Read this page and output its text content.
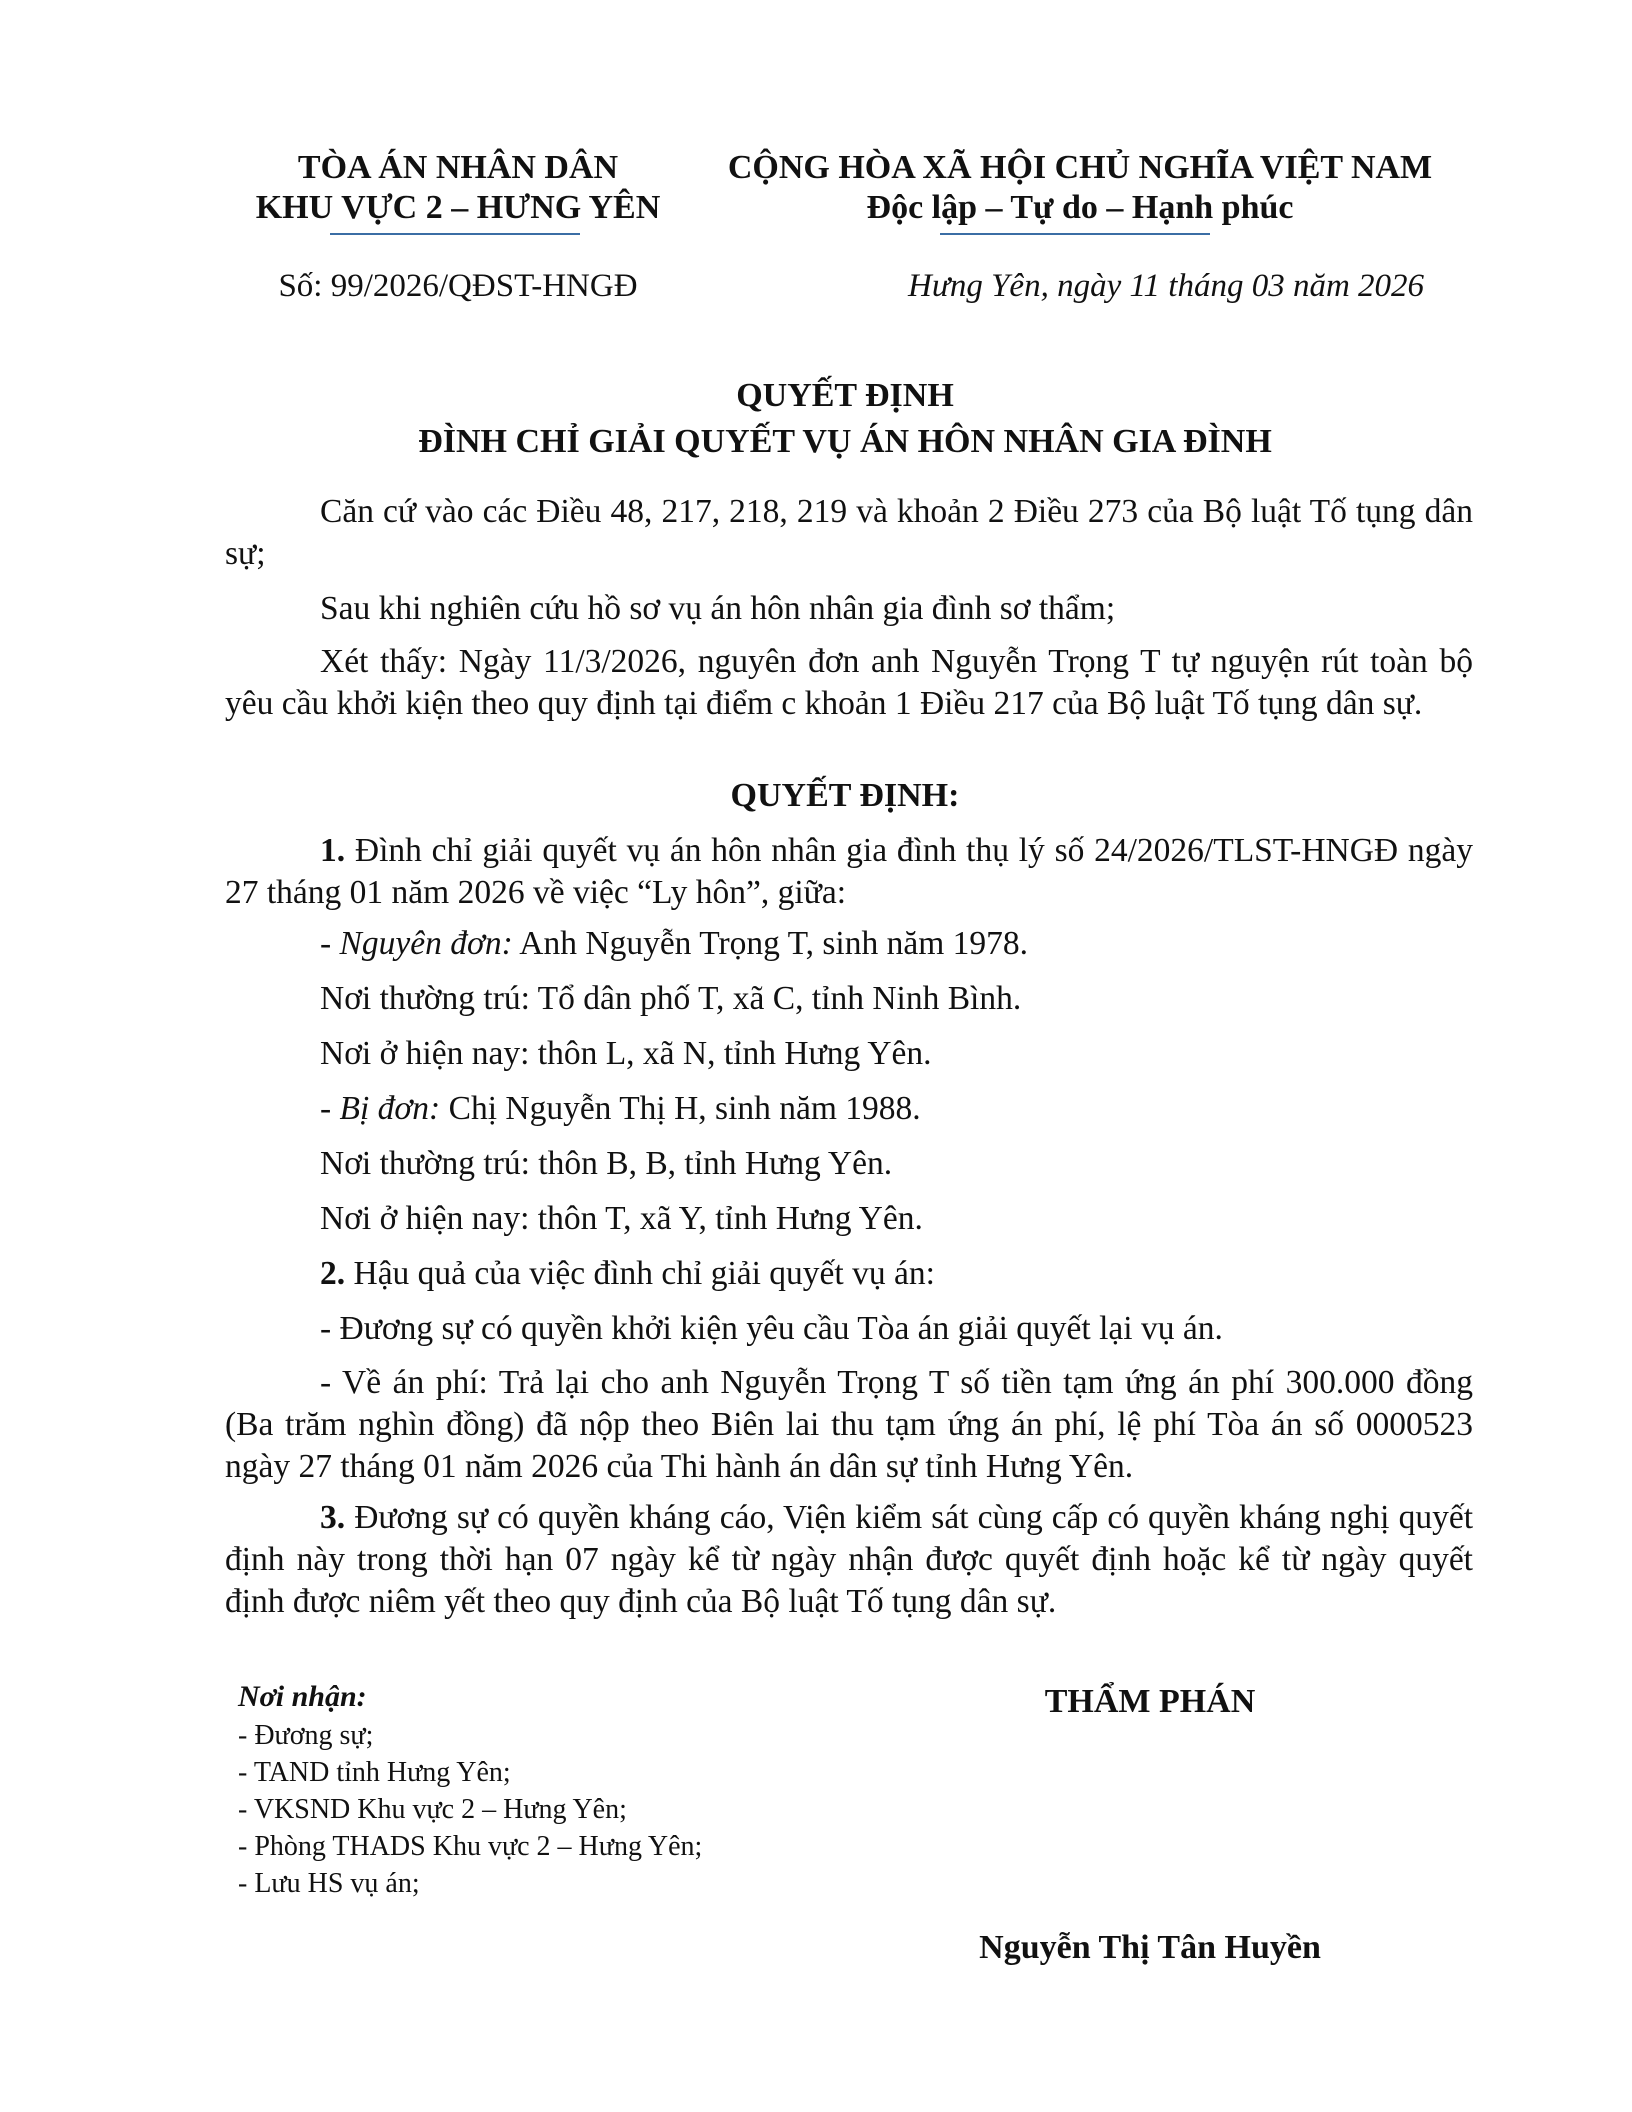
TÒA ÁN NHÂN DÂN
KHU VỰC 2 – HƯNG YÊN
CỘNG HÒA XÃ HỘI CHỦ NGHĨA VIỆT NAM
Độc lập – Tự do – Hạnh phúc
Số: 99/2026/QĐST-HNGĐ	Hưng Yên, ngày 11 tháng 03 năm 2026
QUYẾT ĐỊNH
ĐÌNH CHỈ GIẢI QUYẾT VỤ ÁN HÔN NHÂN GIA ĐÌNH
Căn cứ vào các Điều 48, 217, 218, 219 và khoản 2 Điều 273 của Bộ luật Tố tụng dân sự;
Sau khi nghiên cứu hồ sơ vụ án hôn nhân gia đình sơ thẩm;
Xét thấy: Ngày 11/3/2026, nguyên đơn anh Nguyễn Trọng T tự nguyện rút toàn bộ yêu cầu khởi kiện theo quy định tại điểm c khoản 1 Điều 217 của Bộ luật Tố tụng dân sự.
QUYẾT ĐỊNH:
1. Đình chỉ giải quyết vụ án hôn nhân gia đình thụ lý số 24/2026/TLST-HNGĐ ngày 27 tháng 01 năm 2026 về việc “Ly hôn”, giữa:
- Nguyên đơn: Anh Nguyễn Trọng T, sinh năm 1978.
Nơi thường trú: Tổ dân phố T, xã C, tỉnh Ninh Bình.
Nơi ở hiện nay: thôn L, xã N, tỉnh Hưng Yên.
- Bị đơn: Chị Nguyễn Thị H, sinh năm 1988.
Nơi thường trú: thôn B, B, tỉnh Hưng Yên.
Nơi ở hiện nay: thôn T, xã Y, tỉnh Hưng Yên.
2. Hậu quả của việc đình chỉ giải quyết vụ án:
- Đương sự có quyền khởi kiện yêu cầu Tòa án giải quyết lại vụ án.
- Về án phí: Trả lại cho anh Nguyễn Trọng T số tiền tạm ứng án phí 300.000 đồng (Ba trăm nghìn đồng) đã nộp theo Biên lai thu tạm ứng án phí, lệ phí Tòa án số 0000523 ngày 27 tháng 01 năm 2026 của Thi hành án dân sự tỉnh Hưng Yên.
3. Đương sự có quyền kháng cáo, Viện kiểm sát cùng cấp có quyền kháng nghị quyết định này trong thời hạn 07 ngày kể từ ngày nhận được quyết định hoặc kể từ ngày quyết định được niêm yết theo quy định của Bộ luật Tố tụng dân sự.
Nơi nhận:
- Đương sự;
- TAND tỉnh Hưng Yên;
- VKSND Khu vực 2 – Hưng Yên;
- Phòng THADS Khu vực 2 – Hưng Yên;
- Lưu HS vụ án;
THẨM PHÁN
Nguyễn Thị Tân Huyền
